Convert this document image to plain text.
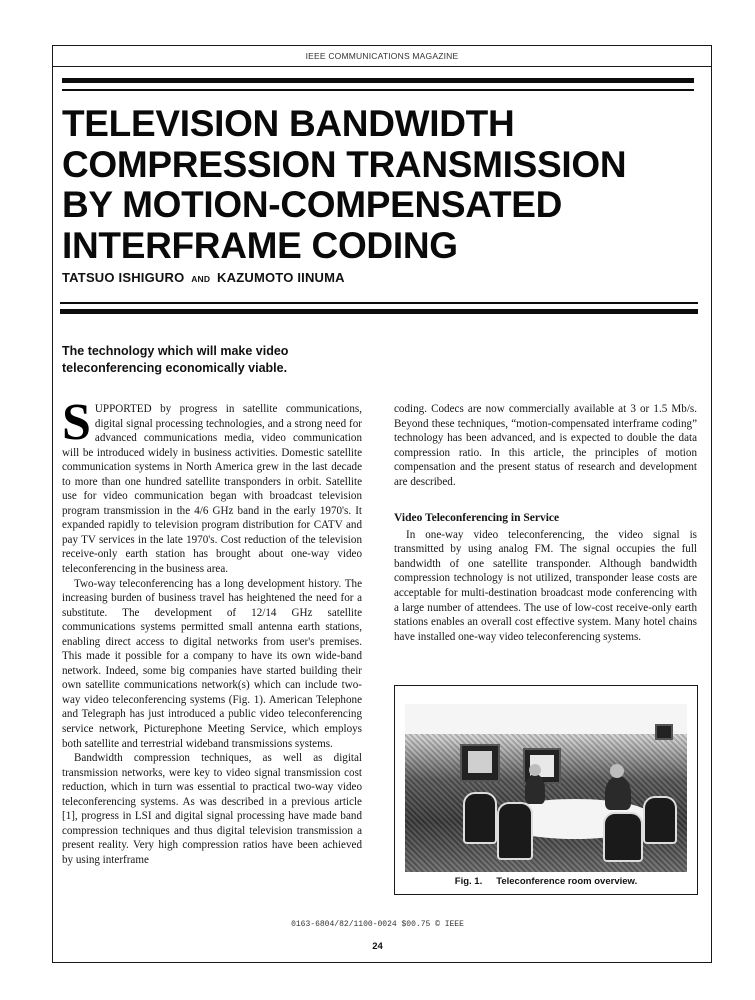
IEEE COMMUNICATIONS MAGAZINE
TELEVISION BANDWIDTH
COMPRESSION TRANSMISSION
BY MOTION-COMPENSATED
INTERFRAME CODING
TATSUO ISHIGURO AND KAZUMOTO IINUMA
The technology which will make video teleconferencing economically viable.

SUPPORTED by progress in satellite communications, digital signal processing technologies, and a strong need for advanced communications media, video communication will be introduced widely in business activities. Domestic satellite communication systems in North America grew in the last decade to more than one hundred satellite transponders in orbit. Satellite use for video communication began with broadcast television program transmission in the 4/6 GHz band in the early 1970's. It expanded rapidly to television program distribution for CATV and pay TV services in the late 1970's. Cost reduction of the television receive-only earth station has brought about one-way video teleconferencing in the business area.

Two-way teleconferencing has a long development history. The increasing burden of business travel has heightened the need for a substitute. The development of 12/14 GHz satellite communications systems permitted small antenna earth stations, enabling direct access to digital networks from user's premises. This made it possible for a company to have its own wide-band network. Indeed, some big companies have started building their own satellite communications network(s) which can include two-way video teleconferencing systems (Fig. 1). American Telephone and Telegraph has just introduced a public video teleconferencing service network, Picturephone Meeting Service, which employs both satellite and terrestrial wideband transmissions systems.

Bandwidth compression techniques, as well as digital transmission networks, were key to video signal transmission cost reduction, which in turn was essential to practical two-way video teleconferencing systems. As was described in a previous article [1], progress in LSI and digital signal processing have made band compression techniques and thus digital television transmission a present reality. Very high compression ratios have been achieved by using interframe

coding. Codecs are now commercially available at 3 or 1.5 Mb/s. Beyond these techniques, “motion-compensated interframe coding” technology has been advanced, and is expected to double the data compression ratio. In this article, the principles of motion compensation and the present status of research and development are described.

Video Teleconferencing in Service

In one-way video teleconferencing, the video signal is transmitted by using analog FM. The signal occupies the full bandwidth of one satellite transponder. Although bandwidth compression technology is not utilized, transponder lease costs are acceptable for multi-destination broadcast mode conferencing with a large number of attendees. The use of low-cost receive-only earth stations enables an overall cost effective system. Many hotel chains have installed one-way video teleconferencing systems.

Fig. 1. Teleconference room overview.
0163-6804/82/1100-0024 $00.75 © IEEE
24
